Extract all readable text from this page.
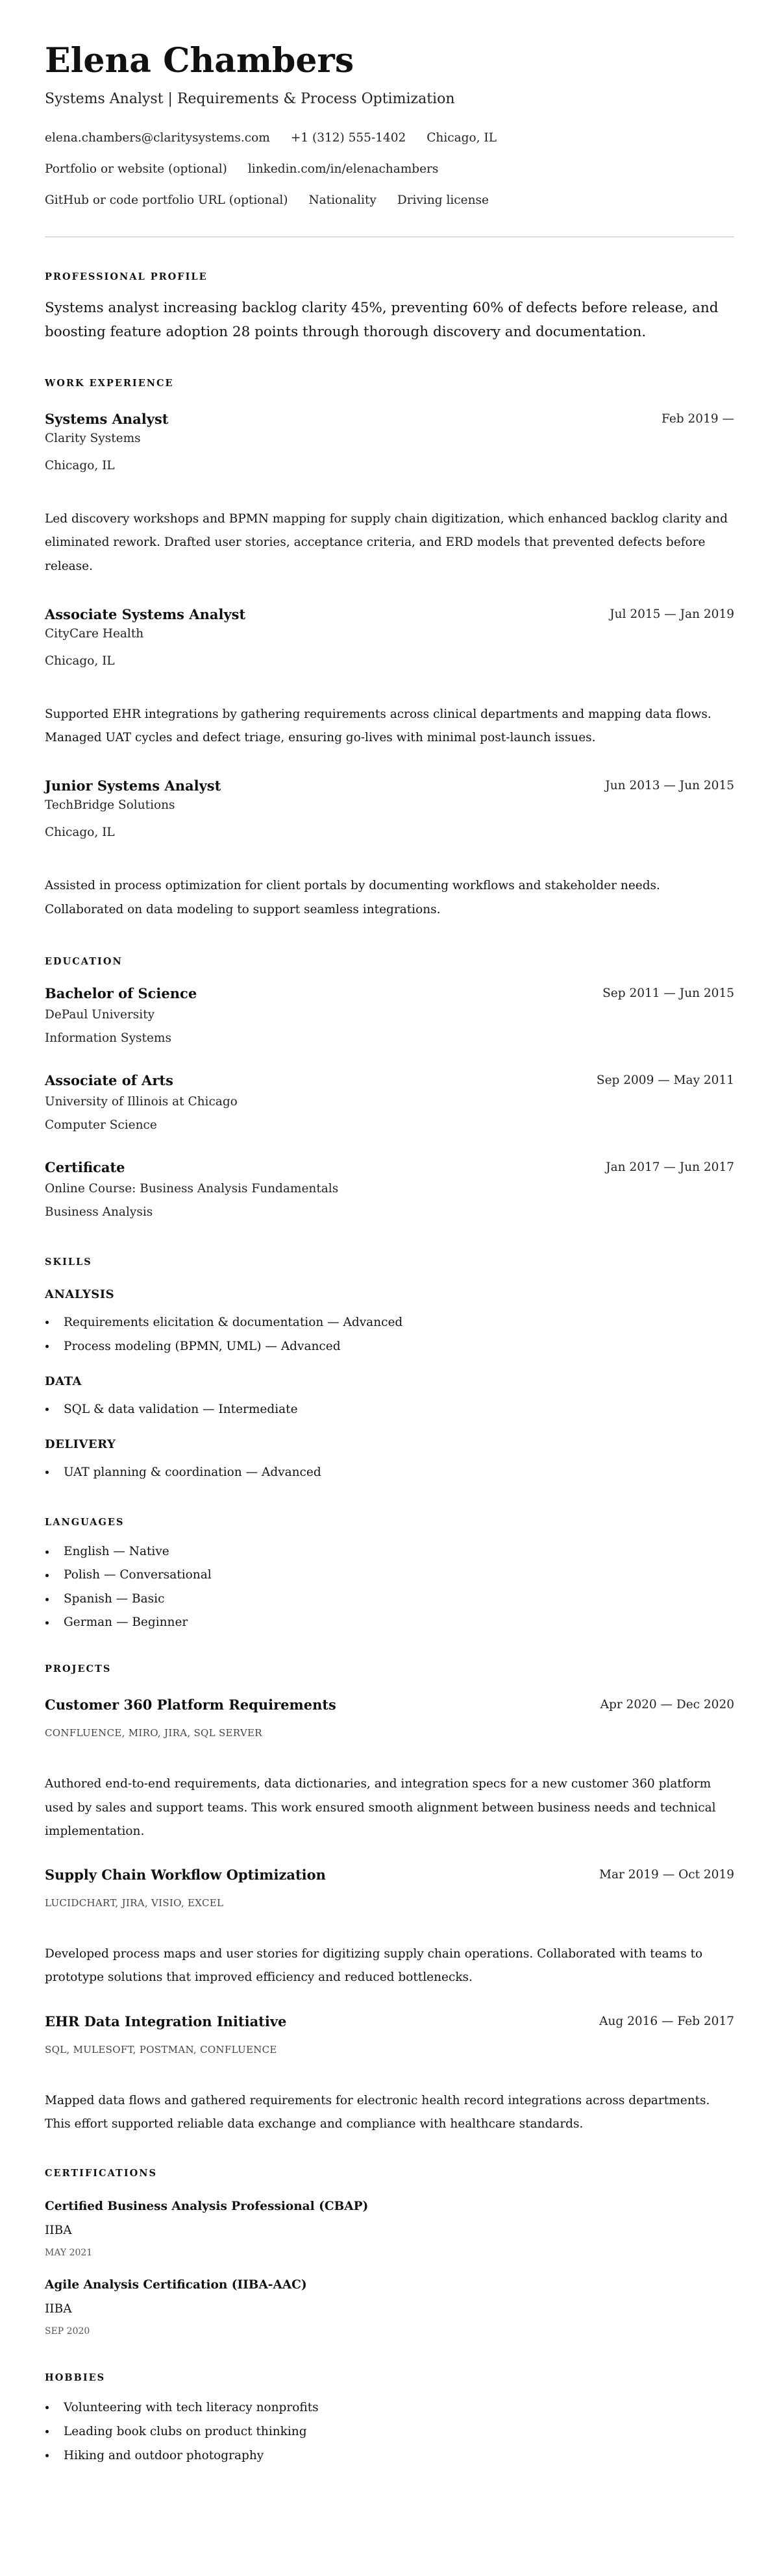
Elena Chambers
Systems Analyst | Requirements & Process Optimization
elena.chambers@claritysystems.com +1 (312) 555-1402 Chicago, IL
Portfolio or website (optional) linkedin.com/in/elenachambers
GitHub or code portfolio URL (optional) Nationality Driving license
PROFESSIONAL PROFILE

Systems analyst increasing backlog clarity 45%, preventing 60% of defects before release, and boosting feature adoption 28 points through thorough discovery and documentation.

WORK EXPERIENCE
Systems Analyst	Feb 2019 —
Clarity Systems
Chicago, IL
Led discovery workshops and BPMN mapping for supply chain digitization, which enhanced backlog clarity and eliminated rework. Drafted user stories, acceptance criteria, and ERD models that prevented defects before release.
Associate Systems Analyst	Jul 2015 — Jan 2019
CityCare Health
Chicago, IL
Supported EHR integrations by gathering requirements across clinical departments and mapping data flows. Managed UAT cycles and defect triage, ensuring go-lives with minimal post-launch issues.
Junior Systems Analyst	Jun 2013 — Jun 2015
TechBridge Solutions
Chicago, IL
Assisted in process optimization for client portals by documenting workflows and stakeholder needs. Collaborated on data modeling to support seamless integrations.
EDUCATION
Bachelor of Science	Sep 2011 — Jun 2015
DePaul University
Information Systems
Associate of Arts	Sep 2009 — May 2011
University of Illinois at Chicago
Computer Science
Certificate	Jan 2017 — Jun 2017
Online Course: Business Analysis Fundamentals
Business Analysis
SKILLS
ANALYSIS
Requirements elicitation & documentation — Advanced
Process modeling (BPMN, UML) — Advanced
DATA
SQL & data validation — Intermediate
DELIVERY
UAT planning & coordination — Advanced
LANGUAGES
English — Native
Polish — Conversational
Spanish — Basic
German — Beginner
PROJECTS
Customer 360 Platform Requirements	Apr 2020 — Dec 2020
CONFLUENCE, MIRO, JIRA, SQL SERVER
Authored end-to-end requirements, data dictionaries, and integration specs for a new customer 360 platform used by sales and support teams. This work ensured smooth alignment between business needs and technical implementation.
Supply Chain Workflow Optimization	Mar 2019 — Oct 2019
LUCIDCHART, JIRA, VISIO, EXCEL
Developed process maps and user stories for digitizing supply chain operations. Collaborated with teams to prototype solutions that improved efficiency and reduced bottlenecks.
EHR Data Integration Initiative	Aug 2016 — Feb 2017
SQL, MULESOFT, POSTMAN, CONFLUENCE
Mapped data flows and gathered requirements for electronic health record integrations across departments. This effort supported reliable data exchange and compliance with healthcare standards.
CERTIFICATIONS
Certified Business Analysis Professional (CBAP)
IIBA
MAY 2021
Agile Analysis Certification (IIBA-AAC)
IIBA
SEP 2020
HOBBIES
Volunteering with tech literacy nonprofits
Leading book clubs on product thinking
Hiking and outdoor photography
